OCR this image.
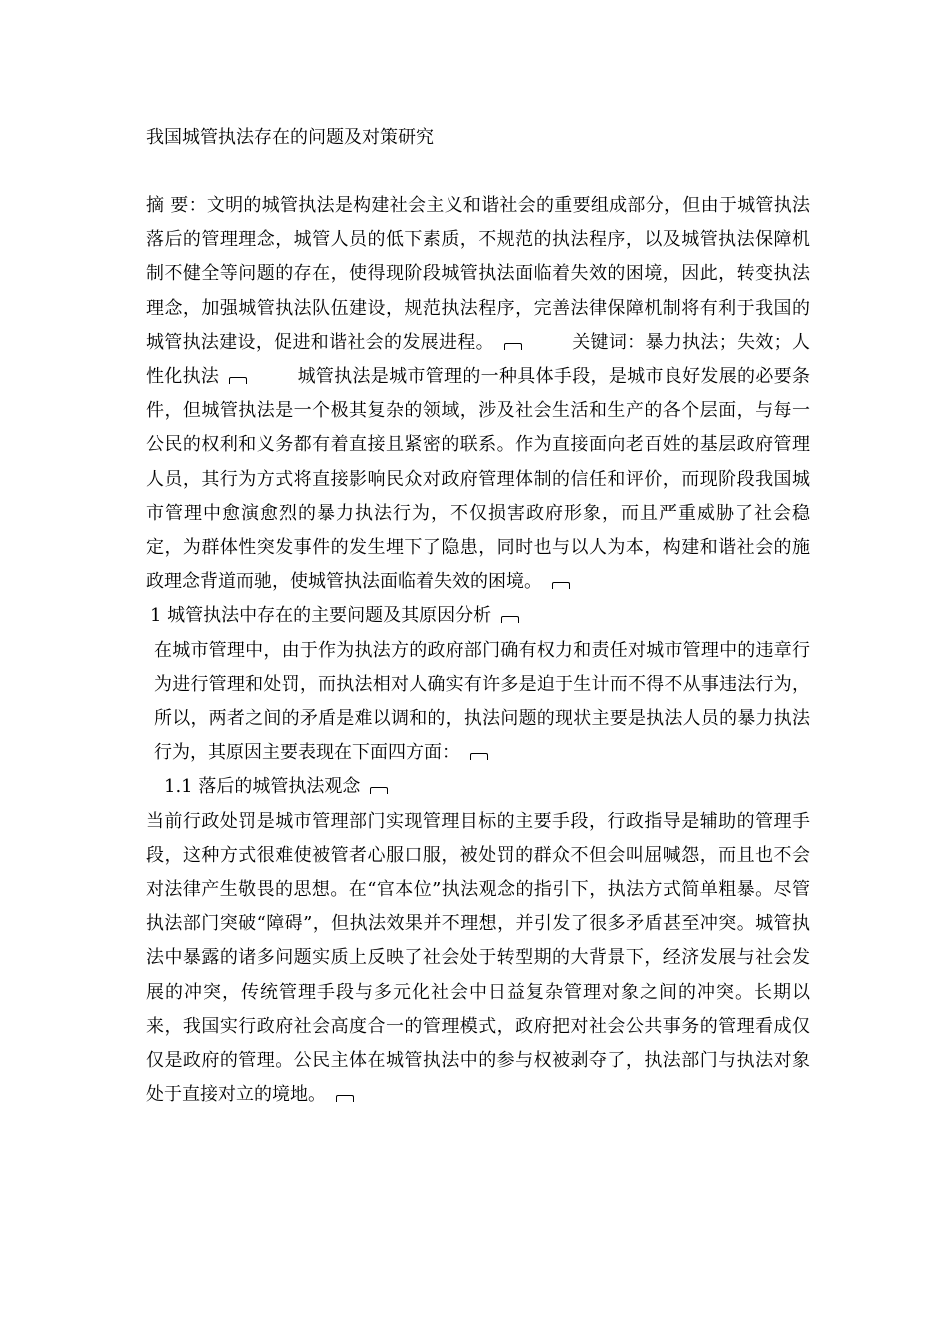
我国城管执法存在的问题及对策研究

摘 要：文明的城管执法是构建社会主义和谐社会的重要组成部分，但由于城管执法落后的管理理念，城管人员的低下素质，不规范的执法程序，以及城管执法保障机制不健全等问题的存在，使得现阶段城管执法面临着失效的困境，因此，转变执法理念，加强城管执法队伍建设，规范执法程序，完善法律保障机制将有利于我国的城管执法建设，促进和谐社会的发展进程。	关键词：暴力执法；失效；人性化执法	城管执法是城市管理的一种具体手段，是城市良好发展的必要条件，但城管执法是一个极其复杂的领域，涉及社会生活和生产的各个层面，与每一公民的权利和义务都有着直接且紧密的联系。作为直接面向老百姓的基层政府管理人员，其行为方式将直接影响民众对政府管理体制的信任和评价，而现阶段我国城市管理中愈演愈烈的暴力执法行为，不仅损害政府形象，而且严重威胁了社会稳定，为群体性突发事件的发生埋下了隐患，同时也与以人为本，构建和谐社会的施政理念背道而驰，使城管执法面临着失效的困境。

1 城管执法中存在的主要问题及其原因分析

在城市管理中，由于作为执法方的政府部门确有权力和责任对城市管理中的违章行为进行管理和处罚，而执法相对人确实有许多是迫于生计而不得不从事违法行为，所以，两者之间的矛盾是难以调和的，执法问题的现状主要是执法人员的暴力执法行为，其原因主要表现在下面四方面：

1.1 落后的城管执法观念

当前行政处罚是城市管理部门实现管理目标的主要手段，行政指导是辅助的管理手段，这种方式很难使被管者心服口服，被处罚的群众不但会叫屈喊怨，而且也不会对法律产生敬畏的思想。在“官本位”执法观念的指引下，执法方式简单粗暴。尽管执法部门突破“障碍”，但执法效果并不理想，并引发了很多矛盾甚至冲突。城管执法中暴露的诸多问题实质上反映了社会处于转型期的大背景下，经济发展与社会发展的冲突，传统管理手段与多元化社会中日益复杂管理对象之间的冲突。长期以来，我国实行政府社会高度合一的管理模式，政府把对社会公共事务的管理看成仅仅是政府的管理。公民主体在城管执法中的参与权被剥夺了，执法部门与执法对象处于直接对立的境地。
